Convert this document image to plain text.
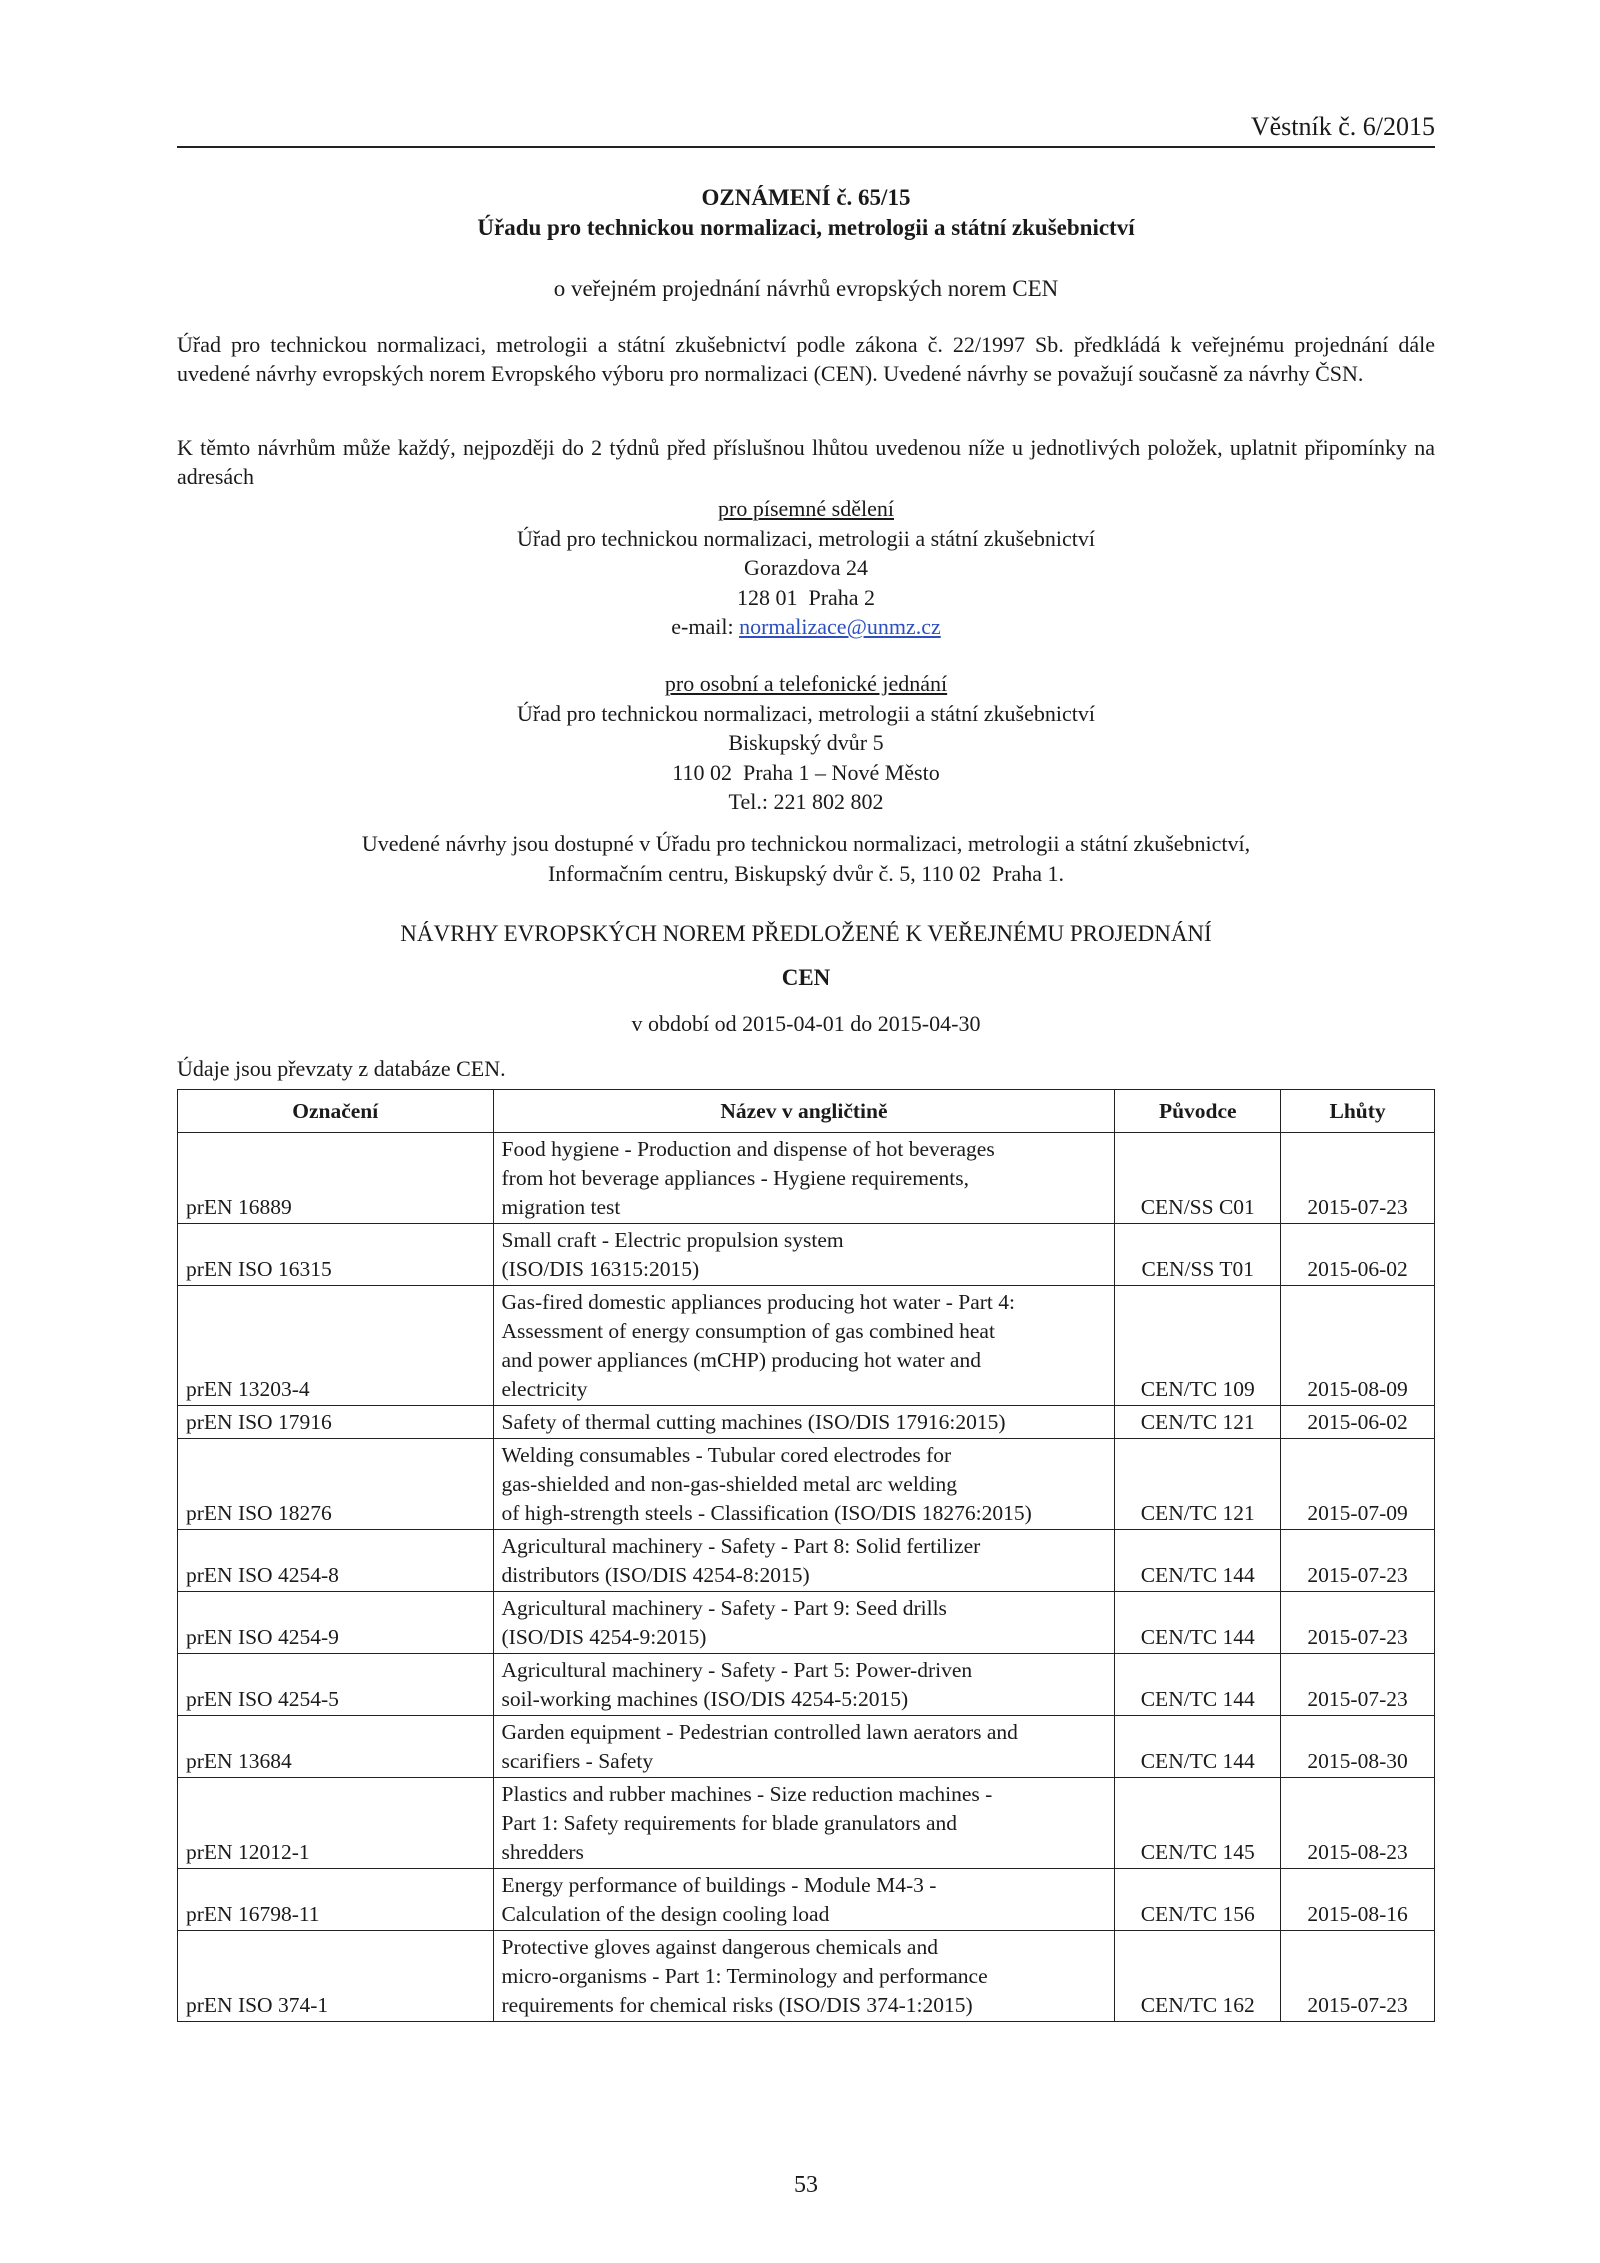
Věstník č. 6/2015
OZNÁMENÍ č. 65/15
Úřadu pro technickou normalizaci, metrologii a státní zkušebnictví
o veřejném projednání návrhů evropských norem CEN
Úřad pro technickou normalizaci, metrologii a státní zkušebnictví podle zákona č. 22/1997 Sb. předkládá k veřejnému projednání dále uvedené návrhy evropských norem Evropského výboru pro normalizaci (CEN). Uvedené návrhy se považují současně za návrhy ČSN.
K těmto návrhům může každý, nejpozději do 2 týdnů před příslušnou lhůtou uvedenou níže u jednotlivých položek, uplatnit připomínky na adresách
pro písemné sdělení
Úřad pro technickou normalizaci, metrologii a státní zkušebnictví
Gorazdova 24
128 01  Praha 2
e-mail: normalizace@unmz.cz
pro osobní a telefonické jednání
Úřad pro technickou normalizaci, metrologii a státní zkušebnictví
Biskupský dvůr 5
110 02  Praha 1 – Nové Město
Tel.: 221 802 802
Uvedené návrhy jsou dostupné v Úřadu pro technickou normalizaci, metrologii a státní zkušebnictví,
Informačním centru, Biskupský dvůr č. 5, 110 02  Praha 1.
NÁVRHY EVROPSKÝCH NOREM PŘEDLOŽENÉ K VEŘEJNÉMU PROJEDNÁNÍ
CEN
v období od 2015-04-01 do 2015-04-30
Údaje jsou převzaty z databáze CEN.
Označení	Název v angličtině	Původce	Lhůty
prEN 16889	Food hygiene - Production and dispense of hot beverages
from hot beverage appliances - Hygiene requirements,
migration test	CEN/SS C01	2015-07-23
prEN ISO 16315	Small craft - Electric propulsion system
(ISO/DIS 16315:2015)	CEN/SS T01	2015-06-02
prEN 13203-4	Gas-fired domestic appliances producing hot water - Part 4:
Assessment of energy consumption of gas combined heat
and power appliances (mCHP) producing hot water and
electricity	CEN/TC 109	2015-08-09
prEN ISO 17916	Safety of thermal cutting machines (ISO/DIS 17916:2015)	CEN/TC 121	2015-06-02
prEN ISO 18276	Welding consumables - Tubular cored electrodes for
gas-shielded and non-gas-shielded metal arc welding
of high-strength steels - Classification (ISO/DIS 18276:2015)	CEN/TC 121	2015-07-09
prEN ISO 4254-8	Agricultural machinery - Safety - Part 8: Solid fertilizer
distributors (ISO/DIS 4254-8:2015)	CEN/TC 144	2015-07-23
prEN ISO 4254-9	Agricultural machinery - Safety - Part 9: Seed drills
(ISO/DIS 4254-9:2015)	CEN/TC 144	2015-07-23
prEN ISO 4254-5	Agricultural machinery - Safety - Part 5: Power-driven
soil-working machines (ISO/DIS 4254-5:2015)	CEN/TC 144	2015-07-23
prEN 13684	Garden equipment - Pedestrian controlled lawn aerators and
scarifiers - Safety	CEN/TC 144	2015-08-30
prEN 12012-1	Plastics and rubber machines - Size reduction machines -
Part 1: Safety requirements for blade granulators and
shredders	CEN/TC 145	2015-08-23
prEN 16798-11	Energy performance of buildings - Module M4-3 -
Calculation of the design cooling load	CEN/TC 156	2015-08-16
prEN ISO 374-1	Protective gloves against dangerous chemicals and
micro-organisms - Part 1: Terminology and performance
requirements for chemical risks (ISO/DIS 374-1:2015)	CEN/TC 162	2015-07-23
53
